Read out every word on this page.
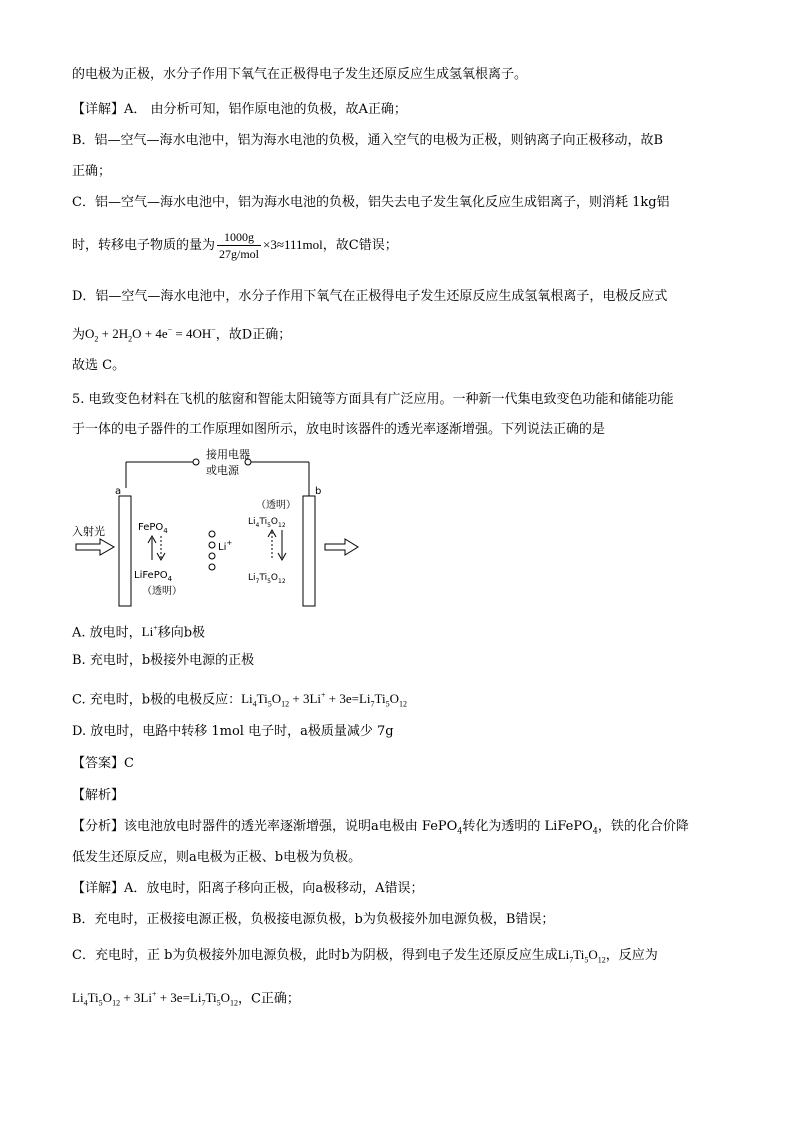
的电极为正极，水分子作用下氧气在正极得电子发生还原反应生成氢氧根离子。
【详解】A． 由分析可知，铝作原电池的负极，故A正确；
B．铝—空气—海水电池中，铝为海水电池的负极，通入空气的电极为正极，则钠离子向正极移动，故B
正确；
C．铝—空气—海水电池中，铝为海水电池的负极，铝失去电子发生氧化反应生成铝离子，则消耗 1kg铝
时，转移电子物质的量为 $\frac{1000g}{\text{27g/mol}} \times 3\approx 111mol$，故C错误；
D．铝—空气—海水电池中，水分子作用下氧气在正极得电子发生还原反应生成氢氧根离子，电极反应式
为$O_2 + 2H_2O + 4e^- = 4OH^-$，故D正确；
故选 C。
5. 电致变色材料在飞机的舷窗和智能太阳镜等方面具有广泛应用。一种新一代集电致变色功能和储能功能
于一体的电子器件的工作原理如图所示，放电时该器件的透光率逐渐增强。下列说法正确的是
接用电器
或电源
a	b
入射光	FePO$_4$
LiFePO$_4$
（透明）
Li+
（透明）
$Li_4Ti_5O_{12}$
$Li_7Ti_5O_{12}$
A. 放电时，Li+移向b极
B. 充电时，b极接外电源的正极
C. 充电时，b极的电极反应：$Li_4Ti_5O_{12} + 3Li^+ + 3e=Li_7Ti_5O_{12}$
D. 放电时，电路中转移 1mol 电子时，a极质量减少 7g
【答案】C
【解析】
【分析】该电池放电时器件的透光率逐渐增强，说明a电极由 FePO$_4$转化为透明的 LiFePO$_4$，铁的化合价降
低发生还原反应，则a电极为正极、b电极为负极。
【详解】A．放电时，阳离子移向正极，向a极移动，A错误；
B．充电时，正极接电源正极，负极接电源负极，b为负极接外加电源负极，B错误；
C．充电时，正 b为负极接外加电源负极，此时b为阴极，得到电子发生还原反应生成$Li_7Ti_5O_{12}$，反应为
$Li_4Ti_5O_{12} + 3Li^+ + 3e=Li_7Ti_5O_{12}$，C正确；
